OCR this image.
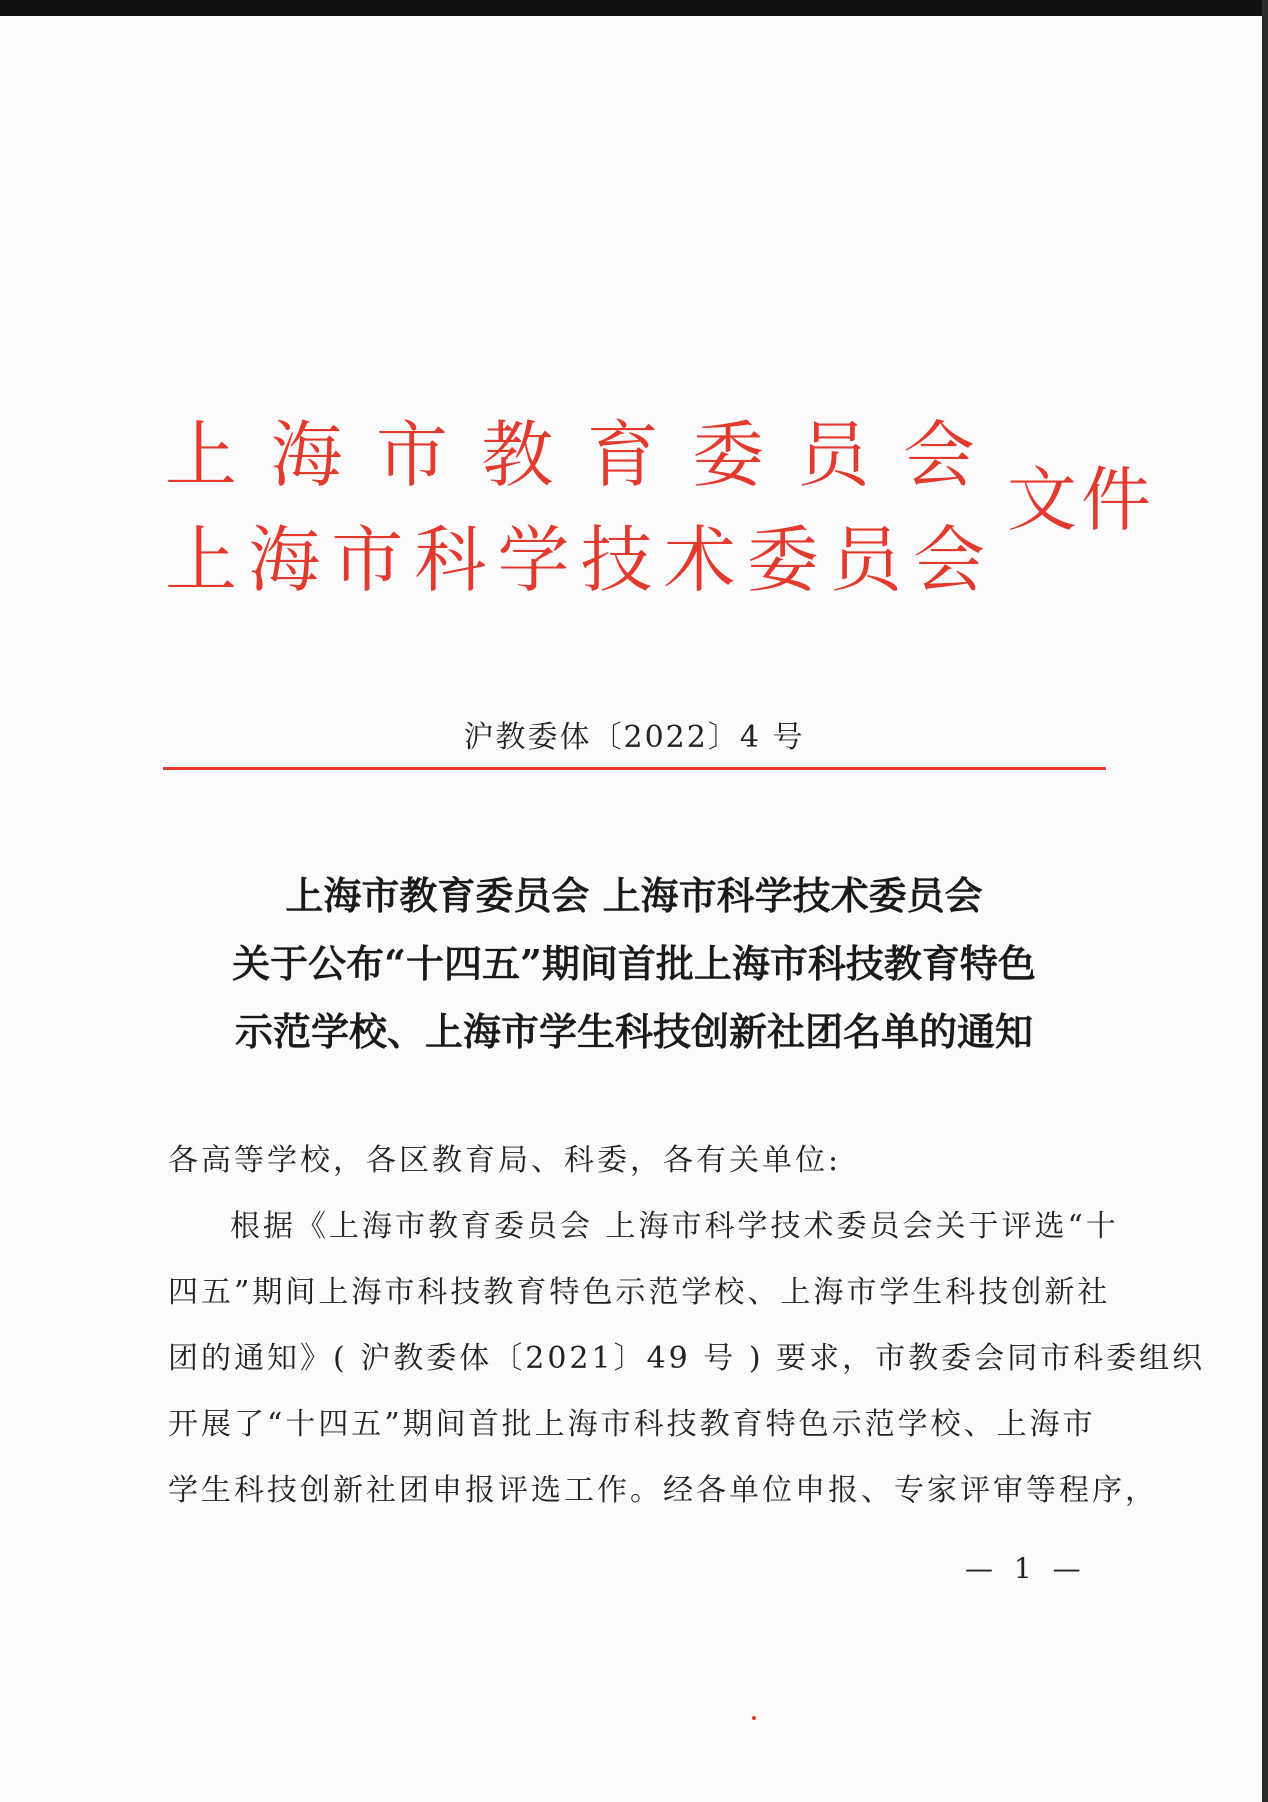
上 海 市 教 育 委 员 会
上 海 市 科 学 技 术 委 员 会
文件
沪教委体〔2022〕4 号
上海市教育委员会 上海市科学技术委员会
关于公布“十四五”期间首批上海市科技教育特色
示范学校、上海市学生科技创新社团名单的通知
各高等学校，各区教育局、科委，各有关单位:
根据《上海市教育委员会 上海市科学技术委员会关于评选“十
四五”期间上海市科技教育特色示范学校、上海市学生科技创新社
团的通知》( 沪教委体〔2021〕49 号 ) 要求，市教委会同市科委组织
开展了“十四五”期间首批上海市科技教育特色示范学校、上海市
学生科技创新社团申报评选工作。经各单位申报、专家评审等程序，
— 1 —
